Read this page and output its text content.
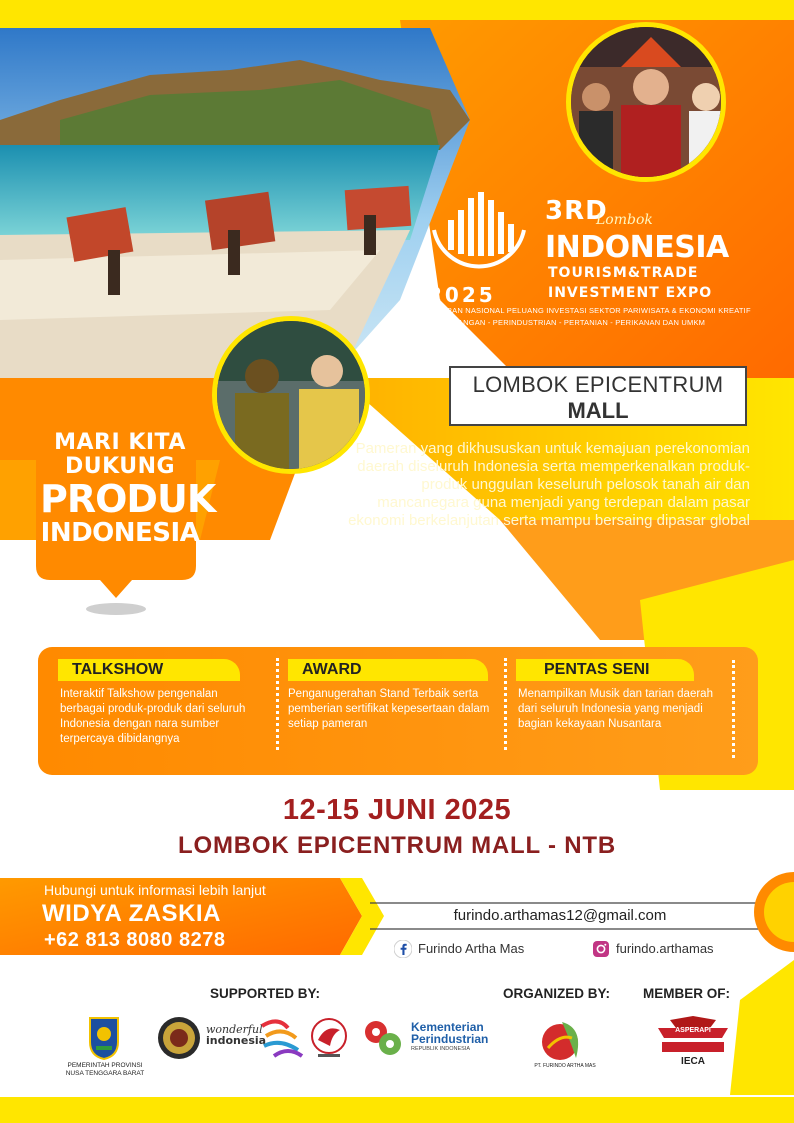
2025
3RD
Lombok
INDONESIA
TOURISM&TRADE
INVESTMENT EXPO
PAMERAN NASIONAL PELUANG INVESTASI SEKTOR PARIWISATA & EKONOMI KREATIF
PERDAGANGAN - PERINDUSTRIAN - PERTANIAN - PERIKANAN DAN UMKM
LOMBOK EPICENTRUM
MALL
Pameran yang dikhususkan untuk kemajuan perekonomian daerah diseluruh Indonesia serta memperkenalkan produk-produk unggulan keseluruh pelosok tanah air dan mancanegara guna menjadi yang terdepan dalam pasar ekonomi berkelanjutan serta mampu bersaing dipasar global
MARI KITA
DUKUNG
PRODUK
INDONESIA
TALKSHOW
Interaktif Talkshow pengenalan berbagai produk-produk dari seluruh Indonesia dengan nara sumber terpercaya dibidangnya
AWARD
Penganugerahan Stand Terbaik serta pemberian sertifikat kepesertaan dalam setiap pameran
PENTAS SENI
Menampilkan Musik dan tarian daerah dari seluruh Indonesia yang menjadi bagian kekayaan Nusantara
12-15 JUNI 2025
LOMBOK EPICENTRUM MALL - NTB
Hubungi untuk informasi lebih lanjut
WIDYA ZASKIA
+62 813 8080 8278
furindo.arthamas12@gmail.com
Furindo Artha Mas	furindo.arthamas
SUPPORTED BY:	ORGANIZED BY: MEMBER OF:
PEMERINTAH PROVINSI
NUSA TENGGARA BARAT
wonderful
indonesia
Kementerian
Perindustrian
REPUBLIK INDONESIA
PT. FURINDO ARTHA MAS
ASPERAPI
IECA
